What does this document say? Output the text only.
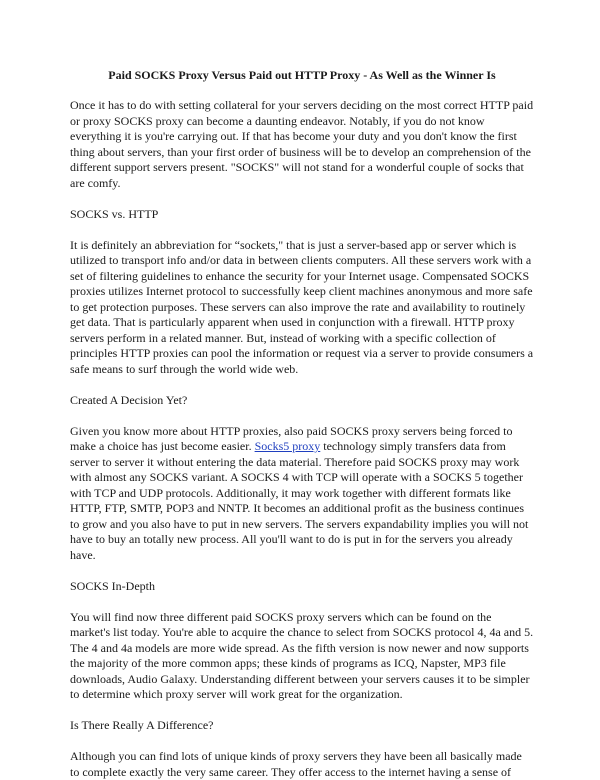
Paid SOCKS Proxy Versus Paid out HTTP Proxy - As Well as the Winner Is

Once it has to do with setting collateral for your servers deciding on the most correct HTTP paid or proxy SOCKS proxy can become a daunting endeavor. Notably, if you do not know everything it is you're carrying out. If that has become your duty and you don't know the first thing about servers, than your first order of business will be to develop an comprehension of the different support servers present. "SOCKS" will not stand for a wonderful couple of socks that are comfy.

SOCKS vs. HTTP

It is definitely an abbreviation for “sockets," that is just a server-based app or server which is utilized to transport info and/or data in between clients computers. All these servers work with a set of filtering guidelines to enhance the security for your Internet usage. Compensated SOCKS proxies utilizes Internet protocol to successfully keep client machines anonymous and more safe to get protection purposes. These servers can also improve the rate and availability to routinely get data. That is particularly apparent when used in conjunction with a firewall. HTTP proxy servers perform in a related manner. But, instead of working with a specific collection of principles HTTP proxies can pool the information or request via a server to provide consumers a safe means to surf through the world wide web.

Created A Decision Yet?

Given you know more about HTTP proxies, also paid SOCKS proxy servers being forced to make a choice has just become easier. Socks5 proxy technology simply transfers data from server to server it without entering the data material. Therefore paid SOCKS proxy may work with almost any SOCKS variant. A SOCKS 4 with TCP will operate with a SOCKS 5 together with TCP and UDP protocols. Additionally, it may work together with different formats like HTTP, FTP, SMTP, POP3 and NNTP. It becomes an additional profit as the business continues to grow and you also have to put in new servers. The servers expandability implies you will not have to buy an totally new process. All you'll want to do is put in for the servers you already have.

SOCKS In-Depth

You will find now three different paid SOCKS proxy servers which can be found on the market's list today. You're able to acquire the chance to select from SOCKS protocol 4, 4a and 5. The 4 and 4a models are more wide spread. As the fifth version is now newer and now supports the majority of the more common apps; these kinds of programs as ICQ, Napster, MP3 file downloads, Audio Galaxy. Understanding different between your servers causes it to be simpler to determine which proxy server will work great for the organization.

Is There Really A Difference?

Although you can find lots of unique kinds of proxy servers they have been all basically made to complete exactly the very same career. They offer access to the internet having a sense of
